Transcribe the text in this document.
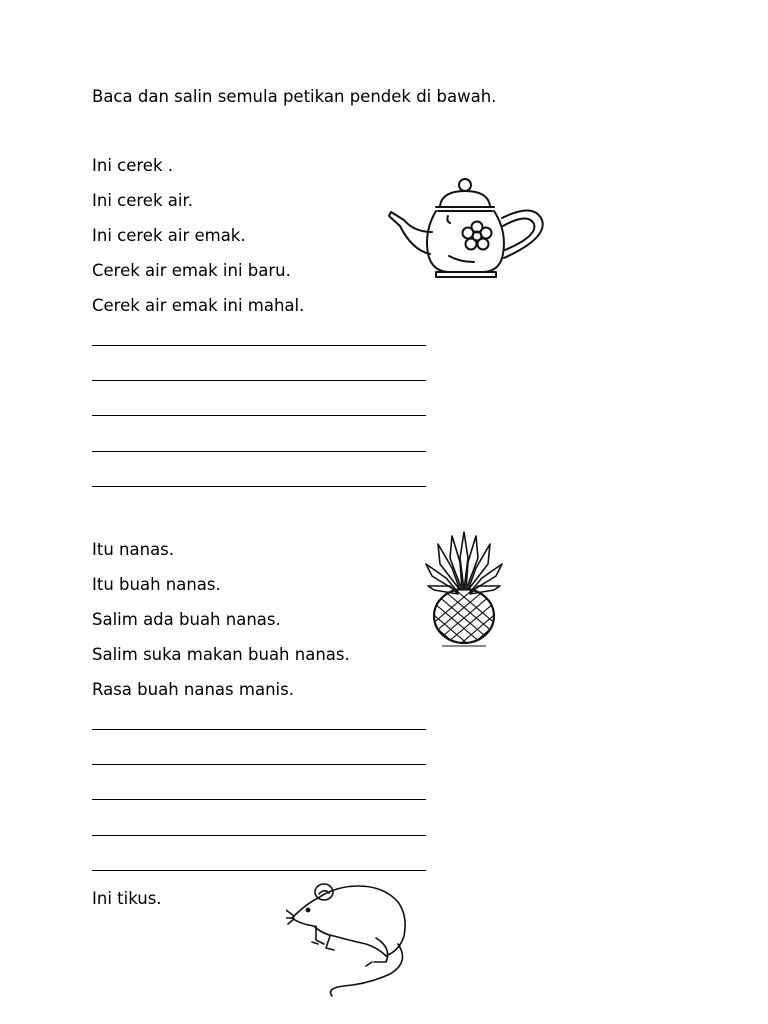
Baca dan salin semula petikan pendek di bawah.
Ini cerek .
Ini cerek air.
Ini cerek air emak.
Cerek air emak ini baru.
Cerek air emak ini mahal.
Itu nanas.
Itu buah nanas.
Salim ada buah nanas.
Salim suka makan buah nanas.
Rasa buah nanas manis.
Ini tikus.
